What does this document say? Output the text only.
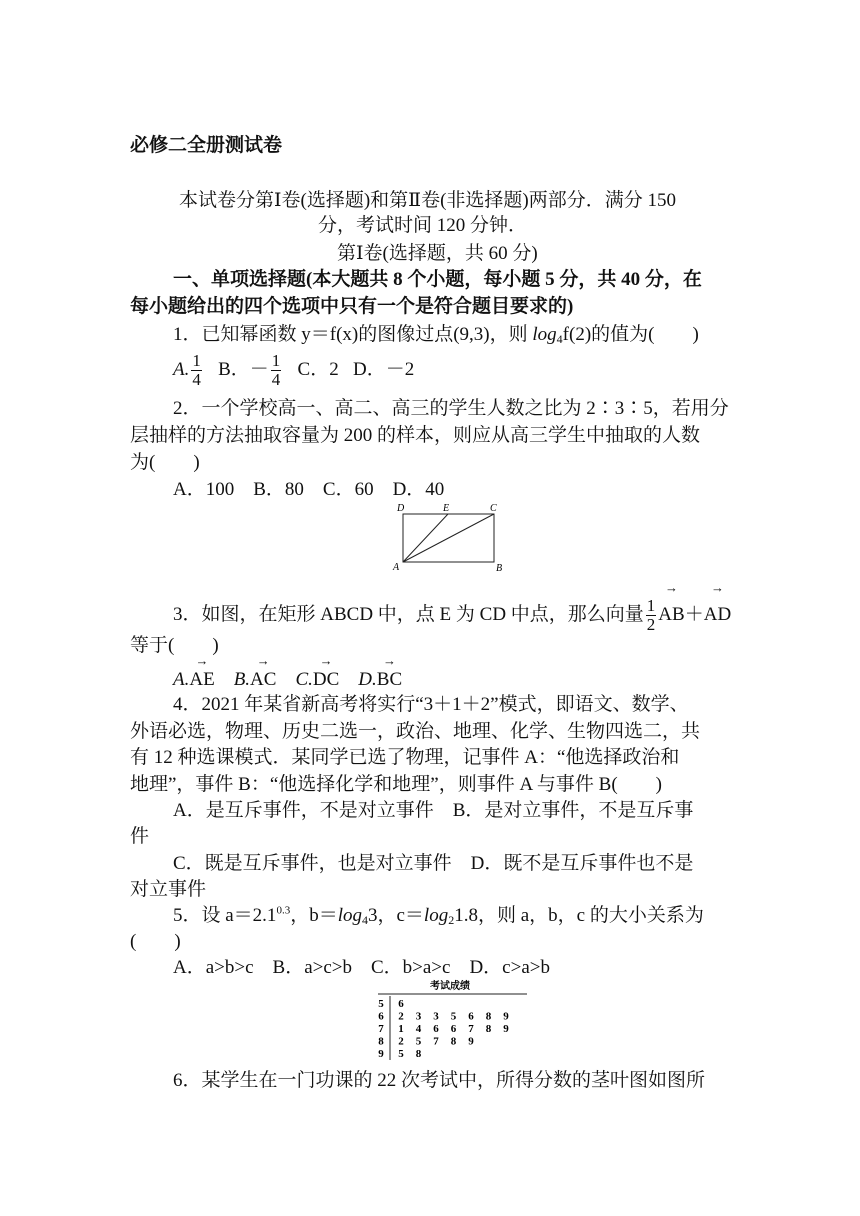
必修二全册测试卷
本试卷分第Ⅰ卷(选择题)和第Ⅱ卷(非选择题)两部分．满分 150
分，考试时间 120 分钟．
第Ⅰ卷(选择题，共 60 分)
一、单项选择题(本大题共 8 个小题，每小题 5 分，共 40 分，在
每小题给出的四个选项中只有一个是符合题目要求的)
1．已知幂函数 y＝f(x)的图像过点(9,3)，则 $\log_4f(2)$的值为(　　)
A. $\frac{1}{4}$ B．－ $\frac{1}{4}$ C．2 D．－2
2．一个学校高一、高二、高三的学生人数之比为 2∶3∶5，若用分
层抽样的方法抽取容量为 200 的样本，则应从高三学生中抽取的人数
为(　　)
A．100　B．80　C．60　D．40
D	E	C
A	B
3．如图，在矩形 ABCD 中，点 E 为 CD 中点，那么向量 $\frac{1}{2}$ AB →＋AD →
等于(　　)
A.AE → B.AC → C.DC → D.BC →
4．2021 年某省新高考将实行“3＋1＋2”模式，即语文、数学、
外语必选，物理、历史二选一，政治、地理、化学、生物四选二，共
有 12 种选课模式．某同学已选了物理，记事件 A：“他选择政治和
地理”，事件 B：“他选择化学和地理”，则事件 A 与事件 B(　　)
A．是互斥事件，不是对立事件　B．是对立事件，不是互斥事
件
C．既是互斥事件，也是对立事件　D．既不是互斥事件也不是
对立事件
5．设 $a=2.1^{0.3}$，$b=\log_43$，$c=\log_21.8$，则 a，b，c 的大小关系为
(　　)
A．a>b>c　B．a>c>b　C．b>a>c　D．c>a>b
考试成绩
5 6
6 2 3 3 5 6 8 9
7 1 4 6 6 7 8 9
8 2 5 7 8 9
9 5 8
6．某学生在一门功课的 22 次考试中，所得分数的茎叶图如图所
